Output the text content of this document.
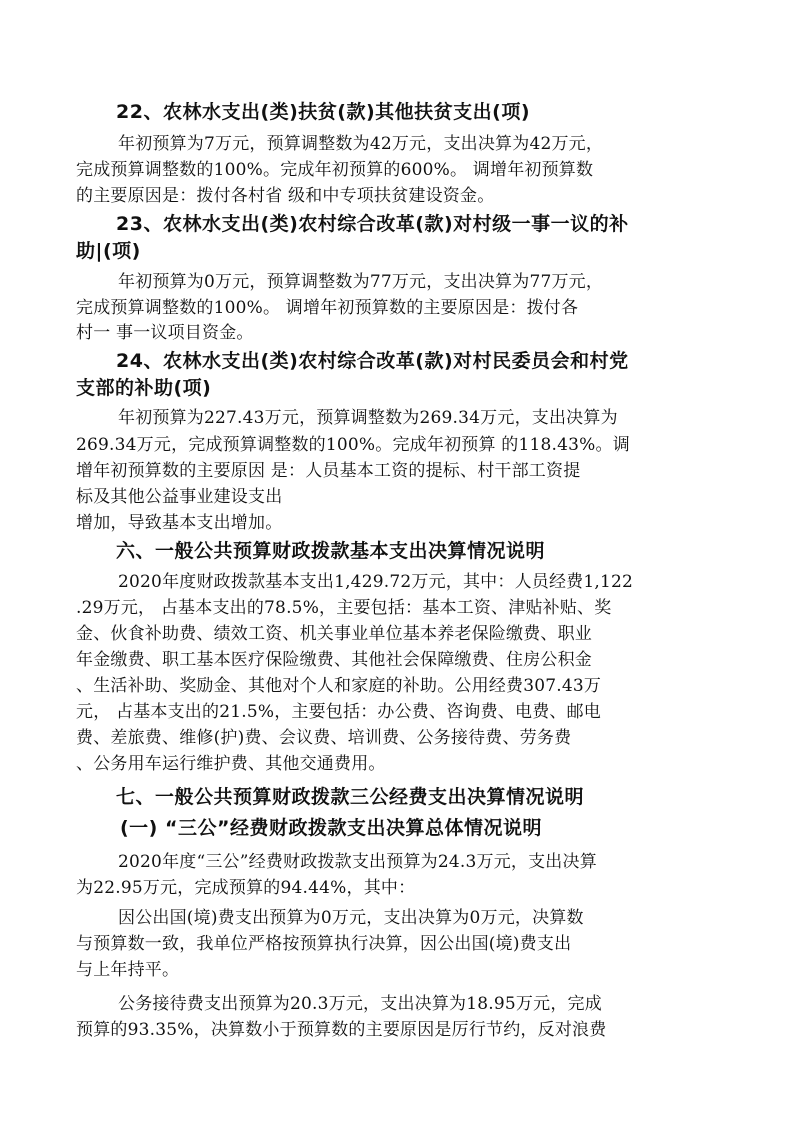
22、农林水支出(类)扶贫(款)其他扶贫支出(项)
年初预算为7万元，预算调整数为42万元，支出决算为42万元，
完成预算调整数的100%。完成年初预算的600%。 调增年初预算数
的主要原因是：拨付各村省 级和中专项扶贫建设资金。
23、农林水支出(类)农村综合改革(款)对村级一事一议的补
助|(项)
年初预算为0万元，预算调整数为77万元，支出决算为77万元，
完成预算调整数的100%。 调增年初预算数的主要原因是：拨付各
村一 事一议项目资金。
24、农林水支出(类)农村综合改革(款)对村民委员会和村党
支部的补助(项)
年初预算为227.43万元，预算调整数为269.34万元，支出决算为
269.34万元，完成预算调整数的100%。完成年初预算 的118.43%。调
增年初预算数的主要原因 是：人员基本工资的提标、村干部工资提
标及其他公益事业建设支出
增加，导致基本支出增加。
六、一般公共预算财政拨款基本支出决算情况说明
2020年度财政拨款基本支出1,429.72万元，其中：人员经费1,122
.29万元， 占基本支出的78.5%，主要包括：基本工资、津贴补贴、奖
金、伙食补助费、绩效工资、机关事业单位基本养老保险缴费、职业
年金缴费、职工基本医疗保险缴费、其他社会保障缴费、住房公积金
、生活补助、奖励金、其他对个人和家庭的补助。公用经费307.43万
元， 占基本支出的21.5%，主要包括：办公费、咨询费、电费、邮电
费、差旅费、维修(护)费、会议费、培训费、公务接待费、劳务费
、公务用车运行维护费、其他交通费用。
七、一般公共预算财政拨款三公经费支出决算情况说明
(一) “三公”经费财政拨款支出决算总体情况说明
2020年度“三公”经费财政拨款支出预算为24.3万元，支出决算
为22.95万元，完成预算的94.44%，其中：
因公出国(境)费支出预算为0万元，支出决算为0万元，决算数
与预算数一致，我单位严格按预算执行决算，因公出国(境)费支出
与上年持平。
公务接待费支出预算为20.3万元，支出决算为18.95万元，完成
预算的93.35%，决算数小于预算数的主要原因是厉行节约，反对浪费
